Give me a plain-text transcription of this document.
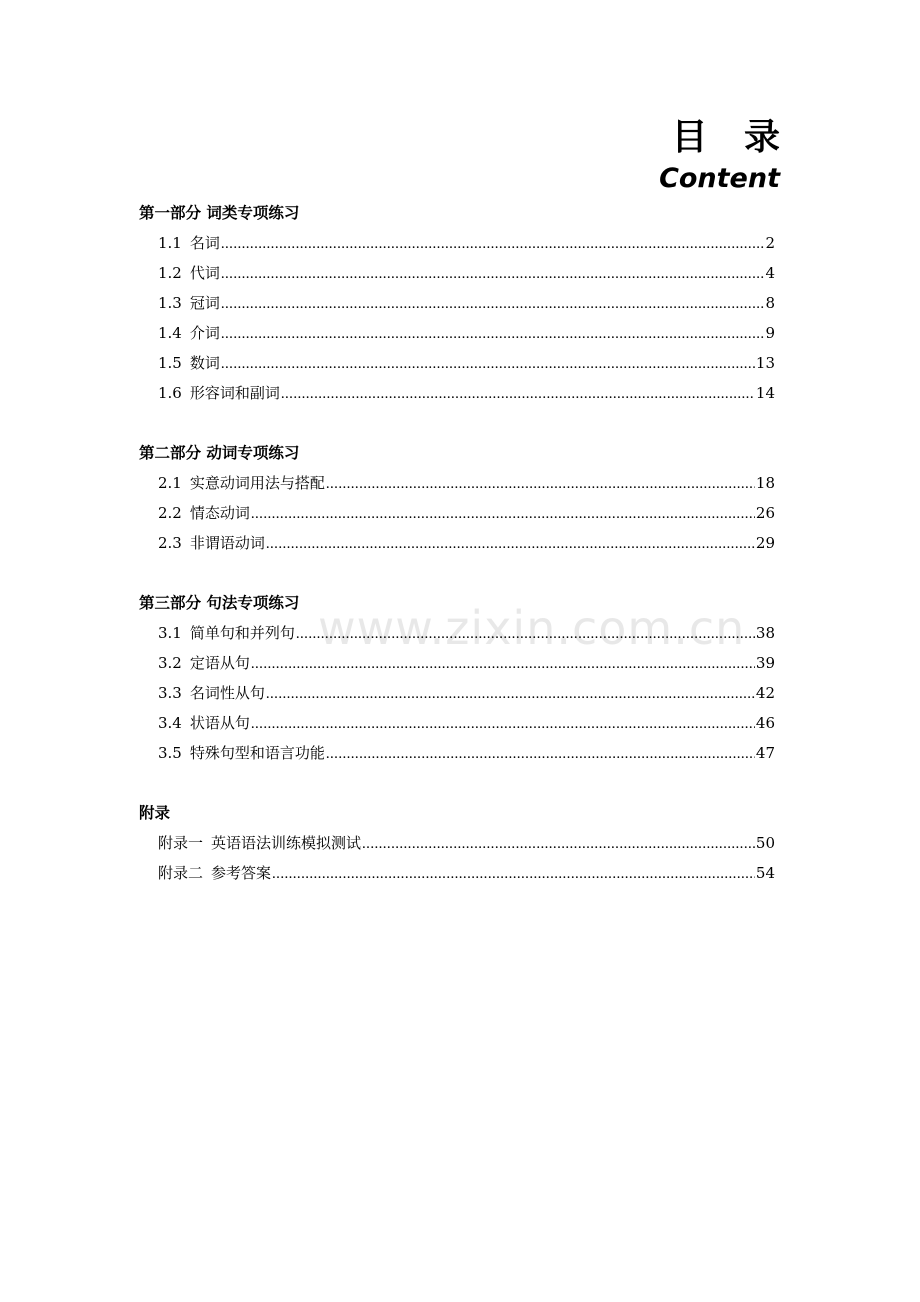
目 录
Content
www.zixin.com.cn
第一部分 词类专项练习
1.1 名词 .....	2
1.2 代词 .....	4
1.3 冠词 .....	8
1.4 介词 .....	9
1.5 数词 .....	13
1.6 形容词和副词 .....	14
第二部分 动词专项练习
2.1 实意动词用法与搭配 .....	18
2.2 情态动词 .....	26
2.3 非谓语动词 .....	29
第三部分 句法专项练习
3.1 简单句和并列句 .....	38
3.2 定语从句 .....	39
3.3 名词性从句 .....	42
3.4 状语从句 .....	46
3.5 特殊句型和语言功能 .....	47
附录
附录一 英语语法训练模拟测试 .....	50
附录二 参考答案 .....	54
